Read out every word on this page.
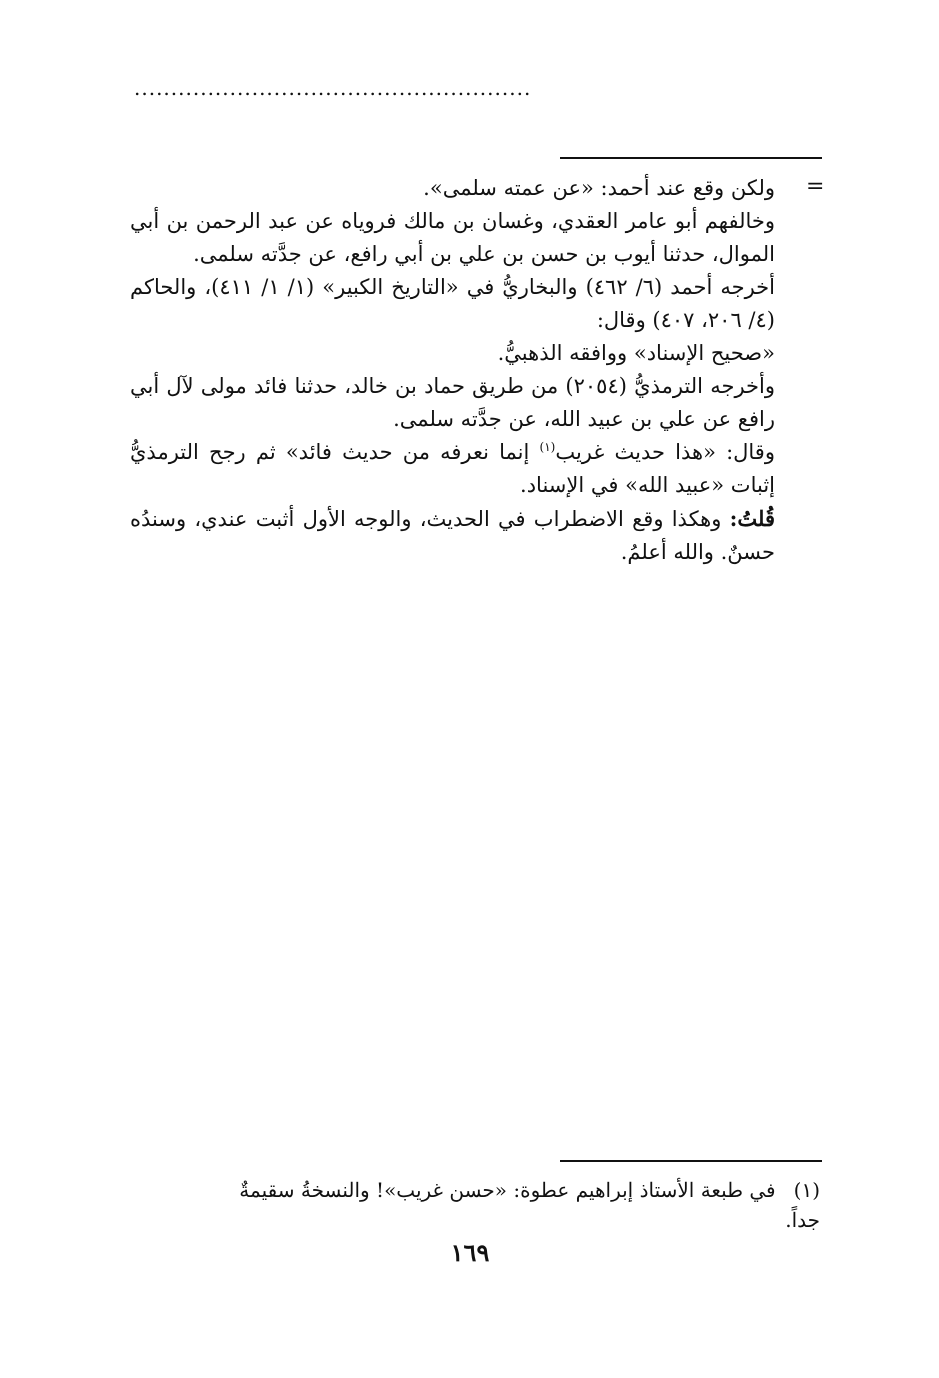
......................................................
=

ولكن وقع عند أحمد: «عن عمته سلمى».

وخالفهم أبو عامر العقدي، وغسان بن مالك فروياه عن عبد الرحمن بن أبي الموال، حدثنا أيوب بن حسن بن علي بن أبي رافع، عن جدَّته سلمى.

أخرجه أحمد (٦/ ٤٦٢) والبخاريُّ في «التاريخ الكبير» (١/ ١/ ٤١١)، والحاكم (٤/ ٢٠٦، ٤٠٧) وقال:

«صحيح الإسناد» ووافقه الذهبيُّ.

وأخرجه الترمذيُّ (٢٠٥٤) من طريق حماد بن خالد، حدثنا فائد مولى لآل أبي رافع عن علي بن عبيد الله، عن جدَّته سلمى.

وقال: «هذا حديث غريب$^{(١)}$ إنما نعرفه من حديث فائد» ثم رجح الترمذيُّ إثبات «عبيد الله» في الإسناد.

قُلتُ: وهكذا وقع الاضطراب في الحديث، والوجه الأول أثبت عندي، وسندُه حسنٌ. والله أعلمُ.

(١)في طبعة الأستاذ إبراهيم عطوة: «حسن غريب»! والنسخةُ سقيمةٌ جداً.
١٦٩
